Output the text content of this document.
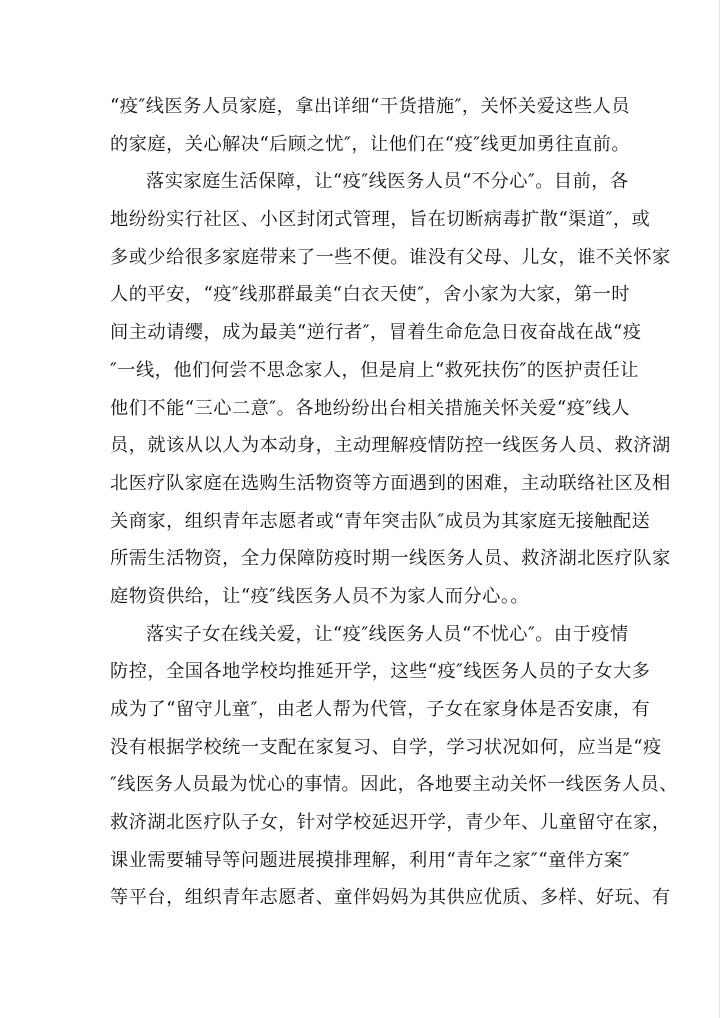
“疫″线医务人员家庭，拿出详细“干货措施″，关怀关爱这些人员
的家庭，关心解决“后顾之忧″，让他们在“疫″线更加勇往直前。
落实家庭生活保障，让“疫″线医务人员“不分心″。目前，各
地纷纷实行社区、小区封闭式管理，旨在切断病毒扩散“渠道″，或
多或少给很多家庭带来了一些不便。谁没有父母、儿女，谁不关怀家
人的平安，“疫″线那群最美“白衣天使″，舍小家为大家，第一时
间主动请缨，成为最美“逆行者″，冒着生命危急日夜奋战在战“疫
″一线，他们何尝不思念家人，但是肩上“救死扶伤″的医护责任让
他们不能“三心二意″。各地纷纷出台相关措施关怀关爱“疫″线人
员，就该从以人为本动身，主动理解疫情防控一线医务人员、救济湖
北医疗队家庭在选购生活物资等方面遇到的困难，主动联络社区及相
关商家，组织青年志愿者或“青年突击队″成员为其家庭无接触配送
所需生活物资，全力保障防疫时期一线医务人员、救济湖北医疗队家
庭物资供给，让“疫″线医务人员不为家人而分心。。
落实子女在线关爱，让“疫″线医务人员“不忧心″。由于疫情
防控，全国各地学校均推延开学，这些“疫″线医务人员的子女大多
成为了“留守儿童″，由老人帮为代管，子女在家身体是否安康，有
没有根据学校统一支配在家复习、自学，学习状况如何，应当是“疫
″线医务人员最为忧心的事情。因此，各地要主动关怀一线医务人员、
救济湖北医疗队子女，针对学校延迟开学，青少年、儿童留守在家，
课业需要辅导等问题进展摸排理解，利用“青年之家″“童伴方案″
等平台，组织青年志愿者、童伴妈妈为其供应优质、多样、好玩、有
